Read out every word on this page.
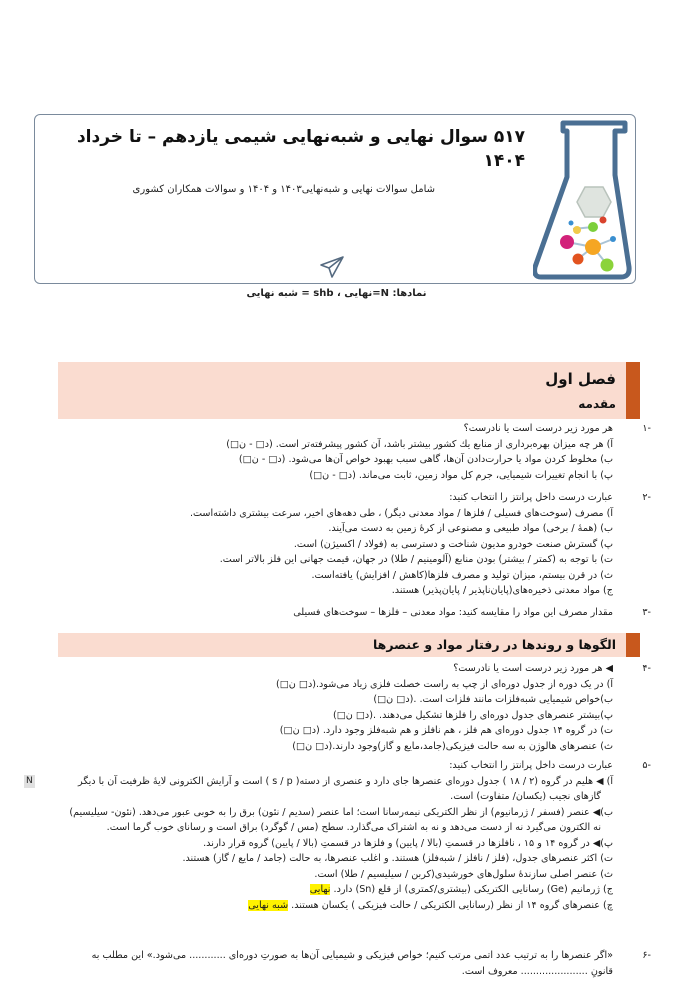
۵۱۷ سوال نهایی و شبه‌نهایی شیمی یازدهم – تا خرداد ۱۴۰۴
شامل سوالات نهایی و شبه‌نهایی۱۴۰۳ و ۱۴۰۴ و سوالات همکاران کشوری
نمادها: N=نهایی ، shb = شبه نهایی
فصل اول
مقدمه
-۱
هر مورد زیر درست است یا نادرست؟
آ) هر چه میزان بهره‌برداری از منابع یك كشور بیشتر باشد، آن كشور پیشرفته‌تر است. (د□ - ن□)
ب) مخلوط کردن مواد یا حرارت‌دادن آن‌ها، گاهی سبب بهبود خواص آن‌ها می‌شود. (د□ - ن□)
پ) با انجام تغییرات شیمیایی، جرم کل مواد زمین، ثابت می‌ماند. (د□ - ن□)
-۲
عبارت درست داخل پرانتز را انتخاب کنید:
آ) مصرف (سوخت‌های فسیلی / فلزها / مواد معدنی دیگر) ، طی دهه‌های اخیر، سرعت بیشتری داشته‌است.
ب) (همهٔ / برخی) مواد طبیعی و مصنوعی از کرهٔ زمین به دست می‌آیند.
پ) گسترش صنعت خودرو مدیون شناخت و دسترسی به (فولاد / اکسیژن) است.
ت) با توجه به (کمتر / بیشتر) بودن منابع (آلومینیم / طلا) در جهان، قیمت جهانی این فلز بالاتر است.
ث) در قرن بیستم، میزان تولید و مصرف فلزها(کاهش / افزایش) یافته‌است.
ج) مواد معدنی ذخیره‌های(پایان‌ناپذیر / پایان‌پذیر) هستند.
-۳
مقدار مصرف این مواد را مقایسه کنید: مواد معدنی – فلزها – سوخت‌های فسیلی
الگوها و روندها در رفتار مواد و عنصرها
-۴
◀ هر مورد زیر درست است یا نادرست؟
آ) در یک دوره از جدول دوره‌ای از چپ به راست خصلت فلزی زیاد می‌شود.(د□ ن□)
ب)خواص شیمیایی شبه‌فلزات مانند فلزات است. .(د□ ن□)
پ)بیشتر عنصرهای جدول دوره‌ای را فلزها تشکیل می‌دهند. .(د□ ن□)
ت) در گروه ۱۴ جدول دوره‌ای هم فلز ، هم نافلز و هم شبه‌فلز وجود دارد. (د□ ن□)
ث) عنصرهای هالوژن به سه حالت فیزیکی(جامد،مایع و گاز)وجود دارند.(د□ ن□)
-۵
عبارت درست داخل پرانتز را انتخاب کنید:
آ) ◀ هلیم در گروه (۲ / ۱۸ ) جدول دوره‌ای عنصرها جای دارد و عنصری از دسته( s / p ) است و آرایش الکترونی لایهٔ ظرفیت آن با دیگر
گازهای نجیب (یکسان/ متفاوت) است.
ب)◀ عنصر (فسفر / ژرمانیوم) از نظر الکتریکی نیمه‌رسانا است؛ اما عنصر (سدیم / نئون) برق را به خوبی عبور می‌دهد. (نئون- سیلیسیم)
نه الکترون می‌گیرد نه از دست می‌دهد و نه به اشتراک می‌گذارد. سطح (مس / گوگرد) براق است و رسانای خوب گرما است.
پ)◀ در گروه ۱۴ و ۱۵ ، نافلزها در قسمتِ (بالا / پایین) و فلزها در قسمتِ (بالا / پایین) گروه قرار دارند.
ت) اکثر عنصرهای جدول، (فلز / نافلز / شبه‌فلز) هستند. و اغلب عنصرها، به حالت (جامد / مایع / گاز) هستند.
ث) عنصر اصلی سازندهٔ سلول‌های خورشیدی(کربن / سیلیسیم / طلا) است.
ج) ژرمانیم (Ge) رسانایی الکتریکی (بیشتری/کمتری) از قلع (Sn) دارد. نهایی
چ) عنصرهای گروه ۱۴ از نظر (رسانایی الکتریکی / حالت فیزیکی ) یکسان هستند. شبه نهایی
N
-۶
«اگر عنصرها را به ترتیب عدد اتمی مرتب کنیم؛ خواص فیزیکی و شیمیایی آن‌ها به صورتِ دوره‌ای ............ می‌شود.» این مطلب به
قانونِ ...................... معروف است.
